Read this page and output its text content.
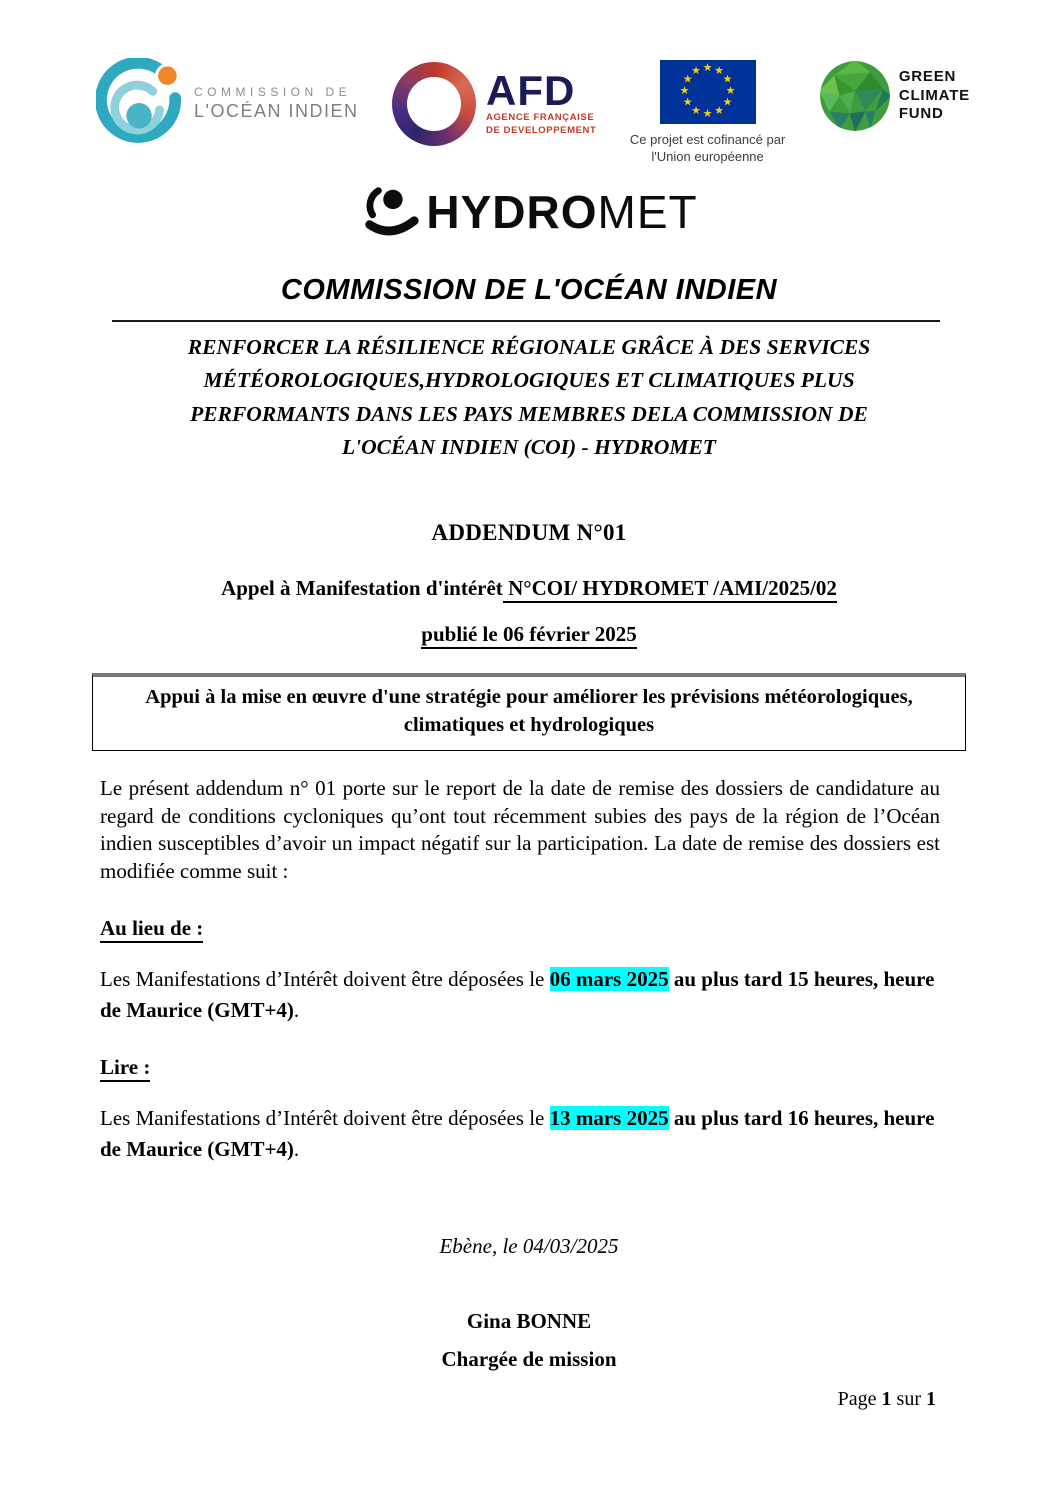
COMMISSION DE
L'OCÉAN INDIEN	AFD
AGENCE FRANÇAISE
DE DEVELOPPEMENT
★ ★
★
★
★
★
★
★
★
★
★
★
Ce projet est cofinancé par
l'Union européenne
GREEN
CLIMATE
FUND
HYDROMET
COMMISSION DE L'OCÉAN INDIEN
RENFORCER LA RÉSILIENCE RÉGIONALE GRÂCE À DES SERVICES
MÉTÉOROLOGIQUES,HYDROLOGIQUES ET CLIMATIQUES PLUS
PERFORMANTS DANS LES PAYS MEMBRES DELA COMMISSION DE
L'OCÉAN INDIEN (COI) - HYDROMET
ADDENDUM N°01

Appel à Manifestation d'intérêt N°COI/ HYDROMET /AMI/2025/02

publié le 06 février 2025

Appui à la mise en œuvre d'une stratégie pour améliorer les prévisions météorologiques, climatiques et hydrologiques

Le présent addendum n° 01 porte sur le report de la date de remise des dossiers de candidature au regard de conditions cycloniques qu’ont tout récemment subies des pays de la région de l’Océan indien susceptibles d’avoir un impact négatif sur la participation. La date de remise des dossiers est modifiée comme suit :

Au lieu de :

Les Manifestations d’Intérêt doivent être déposées le 06 mars 2025 au plus tard 15 heures, heure de Maurice (GMT+4).

Lire :

Les Manifestations d’Intérêt doivent être déposées le 13 mars 2025 au plus tard 16 heures, heure de Maurice (GMT+4).

Ebène, le 04/03/2025

Gina BONNE

Chargée de mission

Page 1 sur 1
